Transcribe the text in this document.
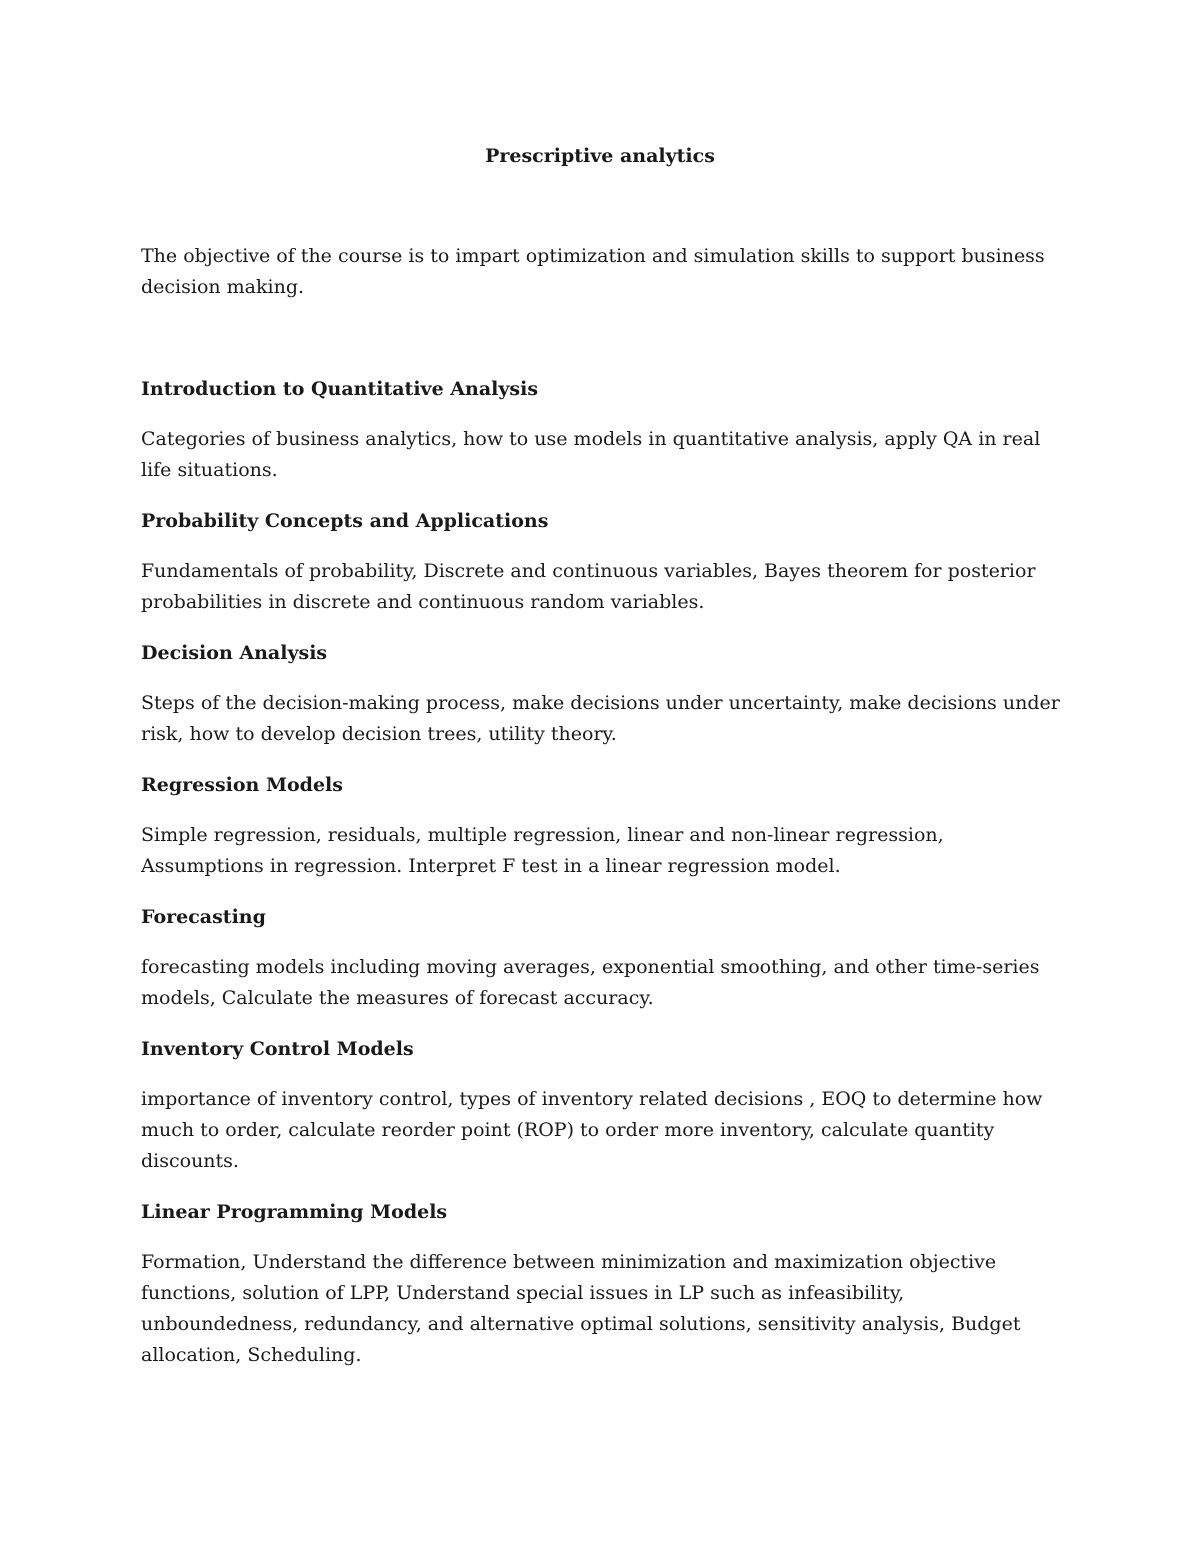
Prescriptive analytics

The objective of the course is to impart optimization and simulation skills to support business decision making.

Introduction to Quantitative Analysis

Categories of business analytics, how to use models in quantitative analysis, apply QA in real life situations.

Probability Concepts and Applications

Fundamentals of probability, Discrete and continuous variables, Bayes theorem for posterior probabilities in discrete and continuous random variables.

Decision Analysis

Steps of the decision-making process, make decisions under uncertainty, make decisions under risk, how to develop decision trees, utility theory.

Regression Models

Simple regression, residuals, multiple regression, linear and non-linear regression, Assumptions in regression. Interpret F test in a linear regression model.

Forecasting

forecasting models including moving averages, exponential smoothing, and other time-series models, Calculate the measures of forecast accuracy.

Inventory Control Models

importance of inventory control, types of inventory related decisions , EOQ to determine how much to order, calculate reorder point (ROP) to order more inventory, calculate quantity discounts.

Linear Programming Models

Formation, Understand the difference between minimization and maximization objective functions, solution of LPP, Understand special issues in LP such as infeasibility, unboundedness, redundancy, and alternative optimal solutions, sensitivity analysis, Budget allocation, Scheduling.
